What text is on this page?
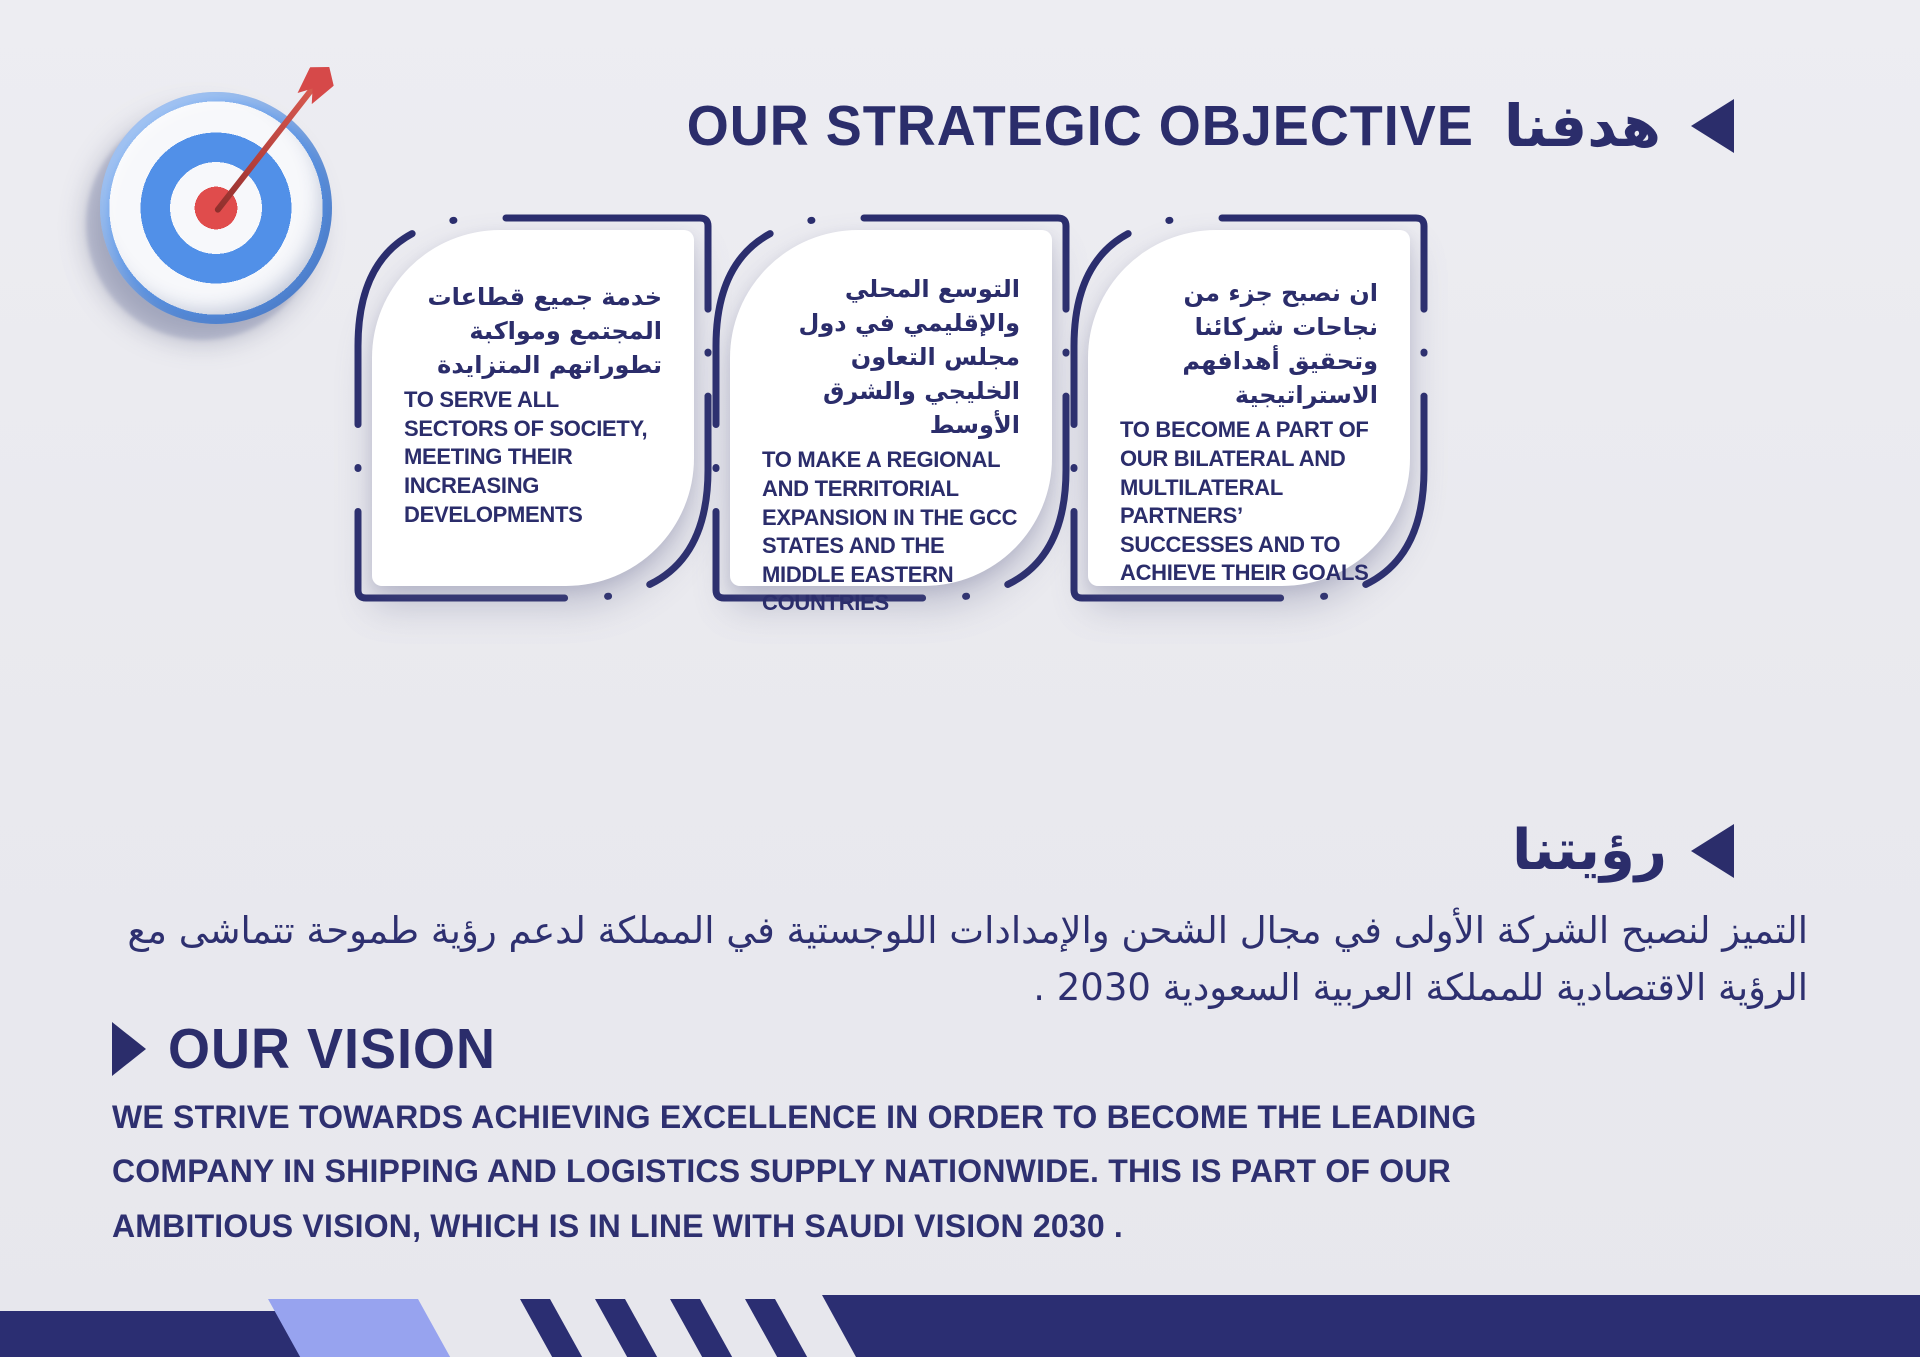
OUR STRATEGIC OBJECTIVE هدفنا
خدمة جميع قطاعات المجتمع ومواكبة تطوراتهم المتزايدة
TO SERVE ALL SECTORS OF SOCIETY, MEETING THEIR INCREASING DEVELOPMENTS
التوسع المحلي والإقليمي في دول مجلس التعاون الخليجي والشرق الأوسط
TO MAKE A REGIONAL AND TERRITORIAL EXPANSION IN THE GCC STATES AND THE MIDDLE EASTERN COUNTRIES
ان نصبح جزء من نجاحات شركائنا وتحقيق أهدافهم الاستراتيجية
TO BECOME A PART OF OUR BILATERAL AND MULTILATERAL PARTNERS’ SUCCESSES AND TO ACHIEVE THEIR GOALS
رؤيتنا
التميز لنصبح الشركة الأولى في مجال الشحن والإمدادات اللوجستية في المملكة لدعم رؤية طموحة تتماشى مع الرؤية الاقتصادية للمملكة العربية السعودية 2030 .
OUR VISION
WE STRIVE TOWARDS ACHIEVING EXCELLENCE IN ORDER TO BECOME THE LEADING COMPANY IN SHIPPING AND LOGISTICS SUPPLY NATIONWIDE. THIS IS PART OF OUR AMBITIOUS VISION, WHICH IS IN LINE WITH SAUDI VISION 2030 .
